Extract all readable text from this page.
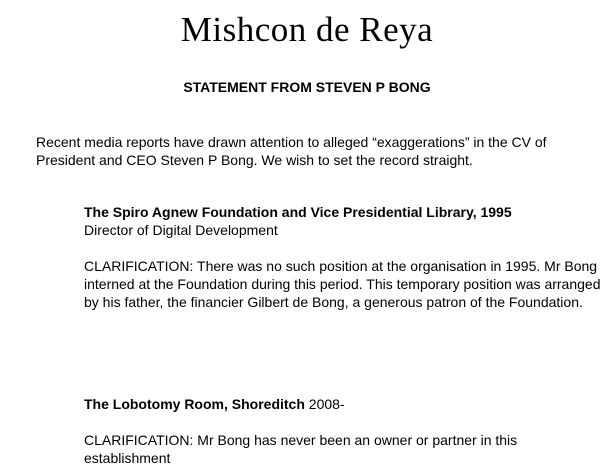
Mishcon de Reya
STATEMENT FROM STEVEN P BONG

Recent media reports have drawn attention to alleged “exaggerations” in the CV of President and CEO Steven P Bong. We wish to set the record straight.

The Spiro Agnew Foundation and Vice Presidential Library, 1995

Director of Digital Development

CLARIFICATION: There was no such position at the organisation in 1995. Mr Bong interned at the Foundation during this period. This temporary position was arranged by his father, the financier Gilbert de Bong, a generous patron of the Foundation.

The Lobotomy Room, Shoreditch 2008-

CLARIFICATION: Mr Bong has never been an owner or partner in this establishment
